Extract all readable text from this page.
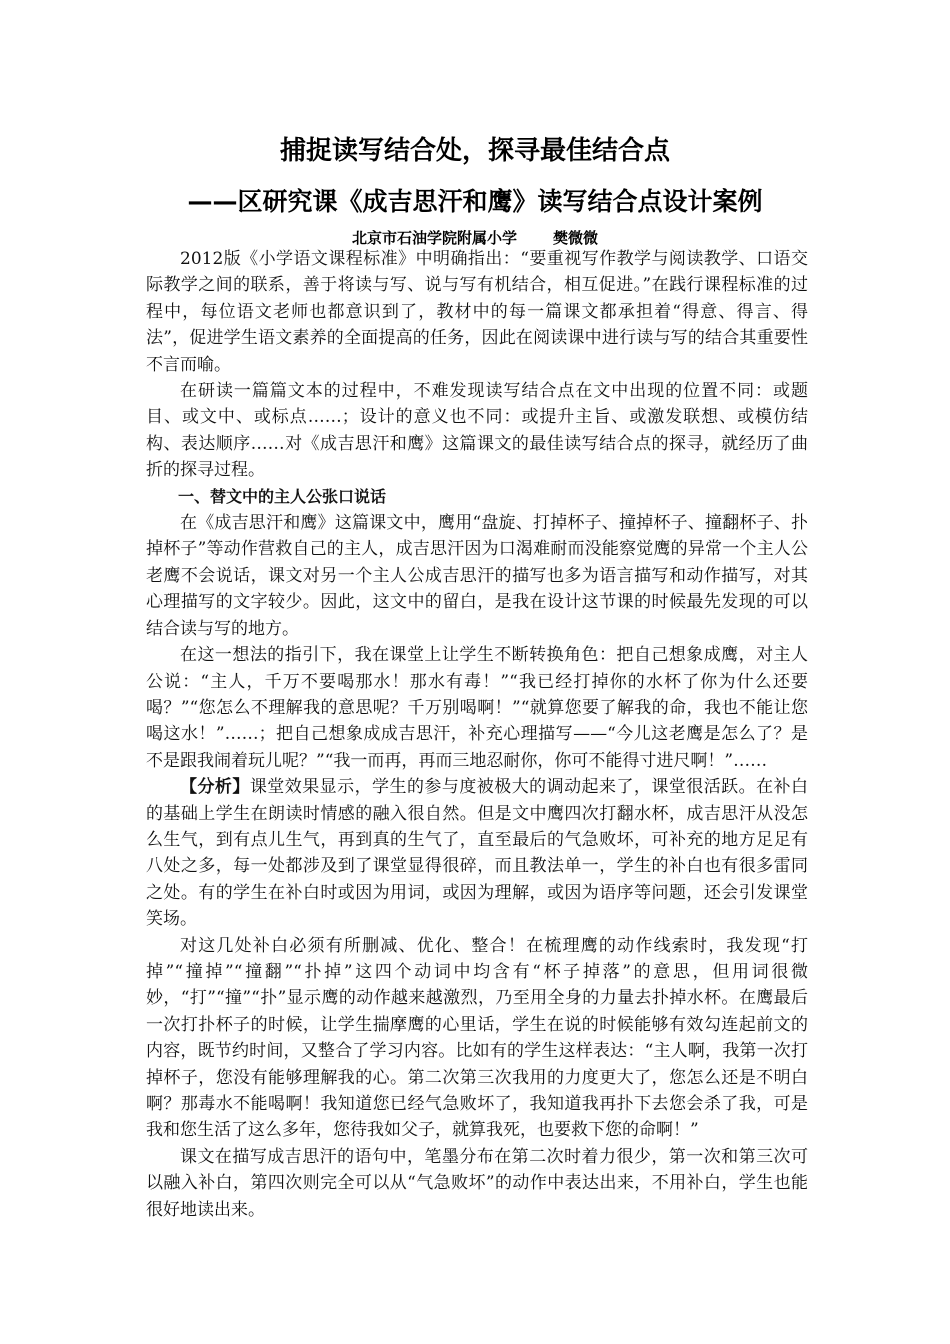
捕捉读写结合处，探寻最佳结合点
——区研究课《成吉思汗和鹰》读写结合点设计案例
北京市石油学院附属小学 樊微微

2012版《小学语文课程标准》中明确指出：“要重视写作教学与阅读教学、口语交际教学之间的联系，善于将读与写、说与写有机结合，相互促进。”在践行课程标准的过程中，每位语文老师也都意识到了，教材中的每一篇课文都承担着“得意、得言、得法”，促进学生语文素养的全面提高的任务，因此在阅读课中进行读与写的结合其重要性不言而喻。

在研读一篇篇文本的过程中，不难发现读写结合点在文中出现的位置不同：或题目、或文中、或标点……；设计的意义也不同：或提升主旨、或激发联想、或模仿结构、表达顺序……对《成吉思汗和鹰》这篇课文的最佳读写结合点的探寻，就经历了曲折的探寻过程。

一、替文中的主人公张口说话

在《成吉思汗和鹰》这篇课文中，鹰用“盘旋、打掉杯子、撞掉杯子、撞翻杯子、扑掉杯子”等动作营救自己的主人，成吉思汗因为口渴难耐而没能察觉鹰的异常一个主人公老鹰不会说话，课文对另一个主人公成吉思汗的描写也多为语言描写和动作描写，对其心理描写的文字较少。因此，这文中的留白，是我在设计这节课的时候最先发现的可以结合读与写的地方。

在这一想法的指引下，我在课堂上让学生不断转换角色：把自己想象成鹰，对主人公说：“主人，千万不要喝那水！那水有毒！”“我已经打掉你的水杯了你为什么还要喝？”“您怎么不理解我的意思呢？千万别喝啊！”“就算您要了解我的命，我也不能让您喝这水！”……；把自己想象成成吉思汗，补充心理描写——“今儿这老鹰是怎么了？是不是跟我闹着玩儿呢？”“我一而再，再而三地忍耐你，你可不能得寸进尺啊！”……

【分析】课堂效果显示，学生的参与度被极大的调动起来了，课堂很活跃。在补白的基础上学生在朗读时情感的融入很自然。但是文中鹰四次打翻水杯，成吉思汗从没怎么生气，到有点儿生气，再到真的生气了，直至最后的气急败坏，可补充的地方足足有八处之多，每一处都涉及到了课堂显得很碎，而且教法单一，学生的补白也有很多雷同之处。有的学生在补白时或因为用词，或因为理解，或因为语序等问题，还会引发课堂笑场。

对这几处补白必须有所删减、优化、整合！在梳理鹰的动作线索时，我发现“打掉”“撞掉”“撞翻”“扑掉”这四个动词中均含有“杯子掉落”的意思，但用词很微妙，“打”“撞”“扑”显示鹰的动作越来越激烈，乃至用全身的力量去扑掉水杯。在鹰最后一次打扑杯子的时候，让学生揣摩鹰的心里话，学生在说的时候能够有效勾连起前文的内容，既节约时间，又整合了学习内容。比如有的学生这样表达：“主人啊，我第一次打掉杯子，您没有能够理解我的心。第二次第三次我用的力度更大了，您怎么还是不明白啊？那毒水不能喝啊！我知道您已经气急败坏了，我知道我再扑下去您会杀了我，可是我和您生活了这么多年，您待我如父子，就算我死，也要救下您的命啊！”

课文在描写成吉思汗的语句中，笔墨分布在第二次时着力很少，第一次和第三次可以融入补白，第四次则完全可以从“气急败坏”的动作中表达出来，不用补白，学生也能很好地读出来。
